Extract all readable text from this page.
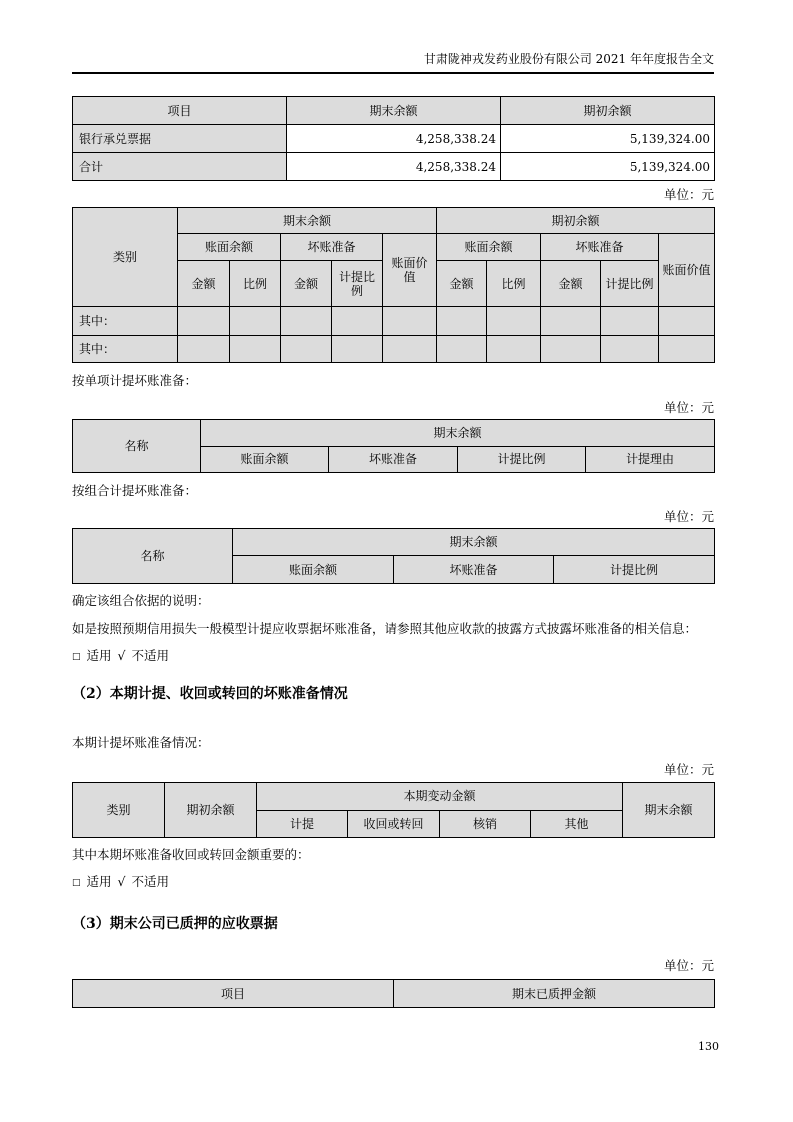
甘肃陇神戎发药业股份有限公司 2021 年年度报告全文
项目	期末余额	期初余额
银行承兑票据	4,258,338.24	5,139,324.00
合计	4,258,338.24	5,139,324.00
单位：元
类别	期末余额					期初余额				
	账面余额		坏账准备		账面价值	账面余额		坏账准备		账面价值
	金额	比例	金额	计提比例		金额	比例	金额	计提比例	
其中：										
其中：										

按单项计提坏账准备：

单位：元
名称	期末余额			
	账面余额	坏账准备	计提比例	计提理由

按组合计提坏账准备：

单位：元
名称	期末余额		
	账面余额	坏账准备	计提比例

确定该组合依据的说明：

如是按照预期信用损失一般模型计提应收票据坏账准备，请参照其他应收款的披露方式披露坏账准备的相关信息：

□ 适用 √ 不适用

（2）本期计提、收回或转回的坏账准备情况

本期计提坏账准备情况：

单位：元
类别	期初余额	本期变动金额				期末余额
		计提	收回或转回	核销	其他	

其中本期坏账准备收回或转回金额重要的：

□ 适用 √ 不适用

（3）期末公司已质押的应收票据
单位：元
项目	期末已质押金额
130
